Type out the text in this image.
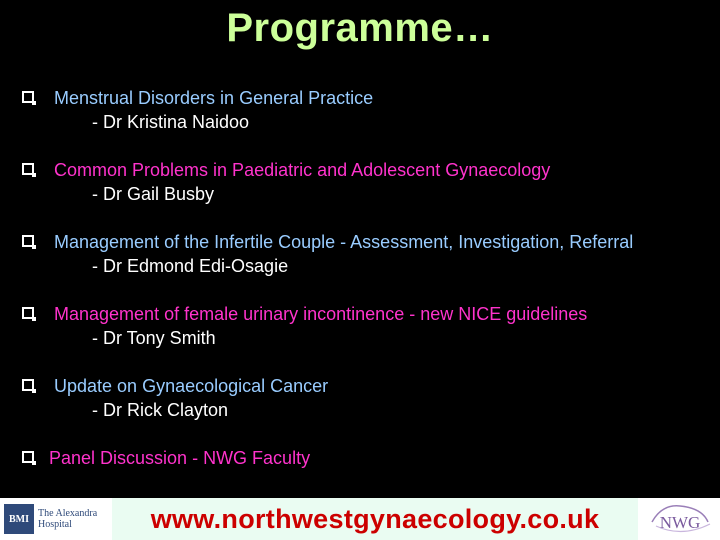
Programme…
Menstrual Disorders in General Practice
- Dr Kristina Naidoo
Common Problems in Paediatric and Adolescent Gynaecology
- Dr Gail Busby
Management of the Infertile Couple - Assessment, Investigation, Referral
- Dr Edmond Edi-Osagie
Management of female urinary incontinence - new NICE guidelines
- Dr Tony Smith
Update on Gynaecological Cancer
- Dr Rick Clayton
Panel Discussion - NWG Faculty
BMI The Alexandra
Hospital	www.northwestgynaecology.co.uk	NWG
